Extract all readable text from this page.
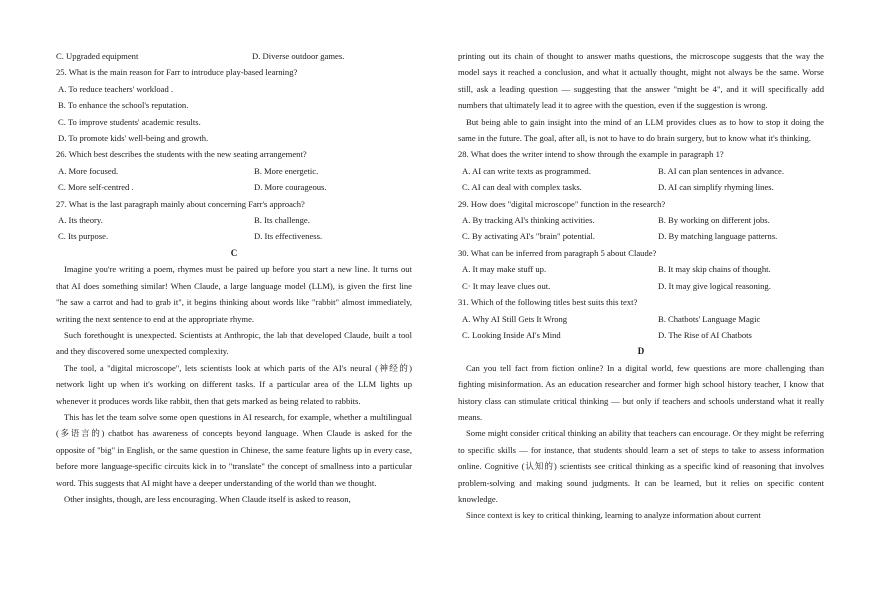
C. Upgraded equipment	D. Diverse outdoor games.
25. What is the main reason for Farr to introduce play-based learning?
A. To reduce teachers' workload .
B. To enhance the school's reputation.
C. To improve students' academic results.
D. To promote kids' well-being and growth.
26. Which best describes the students with the new seating arrangement?
A. More focused.	B. More energetic.
C. More self-centred .	D. More courageous.
27. What is the last paragraph mainly about concerning Farr's approach?
A. Its theory.	B. Its challenge.
C. Its purpose.	D. Its effectiveness.
C

Imagine you're writing a poem, rhymes must be paired up before you start a new line. It turns out that AI does something similar! When Claude, a large language model (LLM), is given the first line "he saw a carrot and had to grab it", it begins thinking about words like "rabbit" almost immediately, writing the next sentence to end at the appropriate rhyme.

Such forethought is unexpected. Scientists at Anthropic, the lab that developed Claude, built a tool and they discovered some unexpected complexity.

The tool, a "digital microscope", lets scientists look at which parts of the AI's neural (神经的) network light up when it's working on different tasks. If a particular area of the LLM lights up whenever it produces words like rabbit, then that gets marked as being related to rabbits.

This has let the team solve some open questions in AI research, for example, whether a multilingual (多语言的) chatbot has awareness of concepts beyond language. When Claude is asked for the opposite of "big" in English, or the same question in Chinese, the same feature lights up in every case, before more language-specific circuits kick in to "translate" the concept of smallness into a particular word. This suggests that AI might have a deeper understanding of the world than we thought.

Other insights, though, are less encouraging. When Claude itself is asked to reason,

printing out its chain of thought to answer maths questions, the microscope suggests that the way the model says it reached a conclusion, and what it actually thought, might not always be the same. Worse still, ask a leading question — suggesting that the answer "might be 4", and it will specifically add numbers that ultimately lead it to agree with the question, even if the suggestion is wrong.

But being able to gain insight into the mind of an LLM provides clues as to how to stop it doing the same in the future. The goal, after all, is not to have to do brain surgery, but to know what it's thinking.

28. What does the writer intend to show through the example in paragraph 1?
A. AI can write texts as programmed.	B. AI can plan sentences in advance.
C. AI can deal with complex tasks.	D. AI can simplify rhyming lines.
29. How does "digital microscope" function in the research?
A. By tracking AI's thinking activities.	B. By working on different jobs.
C. By activating AI's "brain" potential.	D. By matching language patterns.
30. What can be inferred from paragraph 5 about Claude?
A. It may make stuff up.	B. It may skip chains of thought.
C· It may leave clues out.	D. It may give logical reasoning.
31. Which of the following titles best suits this text?
A. Why AI Still Gets It Wrong	B. Chatbots' Language Magic
C. Looking Inside AI's Mind	D. The Rise of AI Chatbots
D

Can you tell fact from fiction online? In a digital world, few questions are more challenging than fighting misinformation. As an education researcher and former high school history teacher, I know that history class can stimulate critical thinking — but only if teachers and schools understand what it really means.

Some might consider critical thinking an ability that teachers can encourage. Or they might be referring to specific skills — for instance, that students should learn a set of steps to take to assess information online. Cognitive (认知的) scientists see critical thinking as a specific kind of reasoning that involves problem-solving and making sound judgments. It can be learned, but it relies on specific content knowledge.

Since context is key to critical thinking, learning to analyze information about current
